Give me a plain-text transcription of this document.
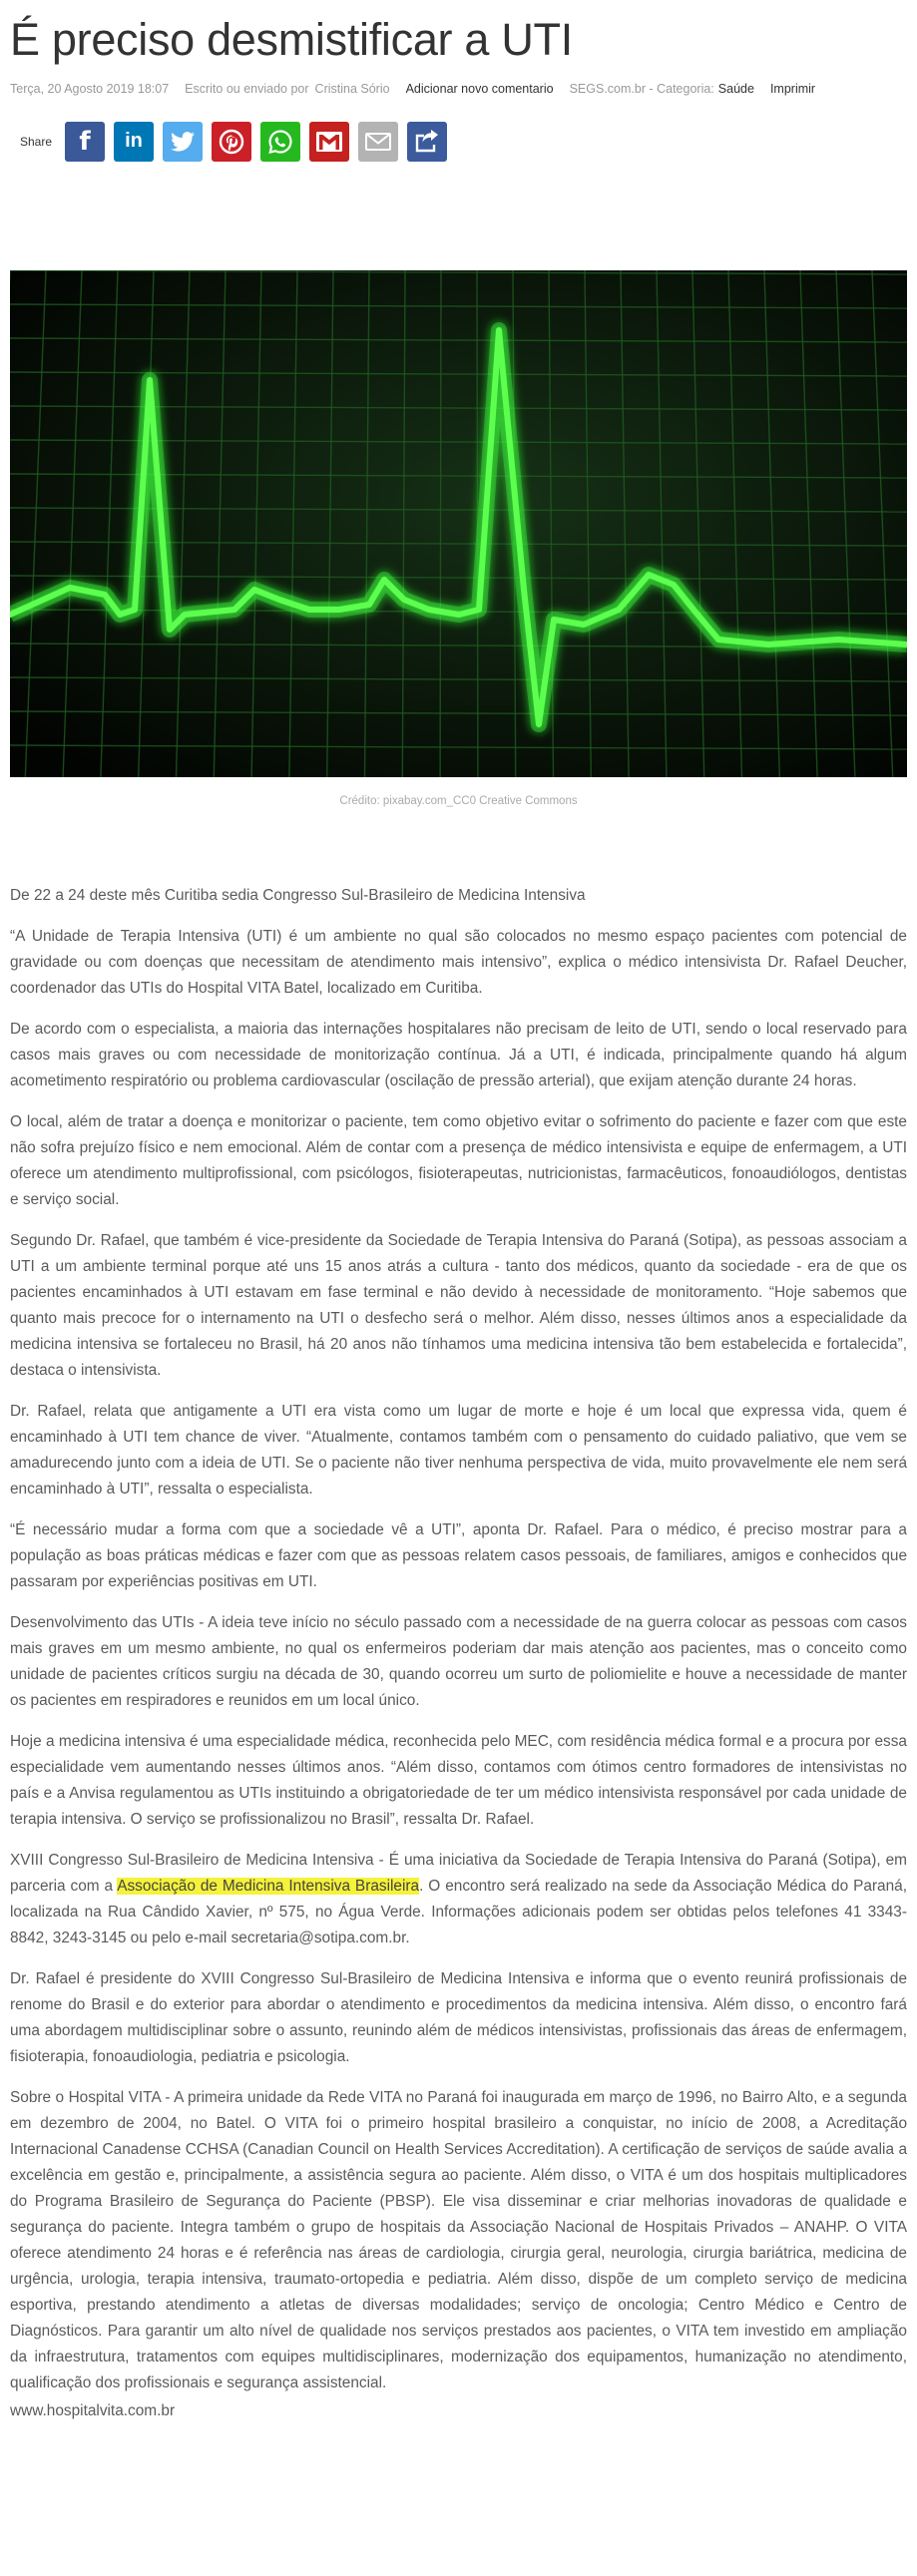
É preciso desmistificar a UTI
Terça, 20 Agosto 2019 18:07 Escrito ou enviado por Cristina Sório Adicionar novo comentario SEGS.com.br - Categoria: Saúde Imprimir
Share	f in
Crédito: pixabay.com_CC0 Creative Commons

De 22 a 24 deste mês Curitiba sedia Congresso Sul-Brasileiro de Medicina Intensiva

“A Unidade de Terapia Intensiva (UTI) é um ambiente no qual são colocados no mesmo espaço pacientes com potencial de gravidade ou com doenças que necessitam de atendimento mais intensivo”, explica o médico intensivista Dr. Rafael Deucher, coordenador das UTIs do Hospital VITA Batel, localizado em Curitiba.

De acordo com o especialista, a maioria das internações hospitalares não precisam de leito de UTI, sendo o local reservado para casos mais graves ou com necessidade de monitorização contínua. Já a UTI, é indicada, principalmente quando há algum acometimento respiratório ou problema cardiovascular (oscilação de pressão arterial), que exijam atenção durante 24 horas.

O local, além de tratar a doença e monitorizar o paciente, tem como objetivo evitar o sofrimento do paciente e fazer com que este não sofra prejuízo físico e nem emocional. Além de contar com a presença de médico intensivista e equipe de enfermagem, a UTI oferece um atendimento multiprofissional, com psicólogos, fisioterapeutas, nutricionistas, farmacêuticos, fonoaudiólogos, dentistas e serviço social.

Segundo Dr. Rafael, que também é vice-presidente da Sociedade de Terapia Intensiva do Paraná (Sotipa), as pessoas associam a UTI a um ambiente terminal porque até uns 15 anos atrás a cultura - tanto dos médicos, quanto da sociedade - era de que os pacientes encaminhados à UTI estavam em fase terminal e não devido à necessidade de monitoramento. “Hoje sabemos que quanto mais precoce for o internamento na UTI o desfecho será o melhor. Além disso, nesses últimos anos a especialidade da medicina intensiva se fortaleceu no Brasil, há 20 anos não tínhamos uma medicina intensiva tão bem estabelecida e fortalecida”, destaca o intensivista.

Dr. Rafael, relata que antigamente a UTI era vista como um lugar de morte e hoje é um local que expressa vida, quem é encaminhado à UTI tem chance de viver. “Atualmente, contamos também com o pensamento do cuidado paliativo, que vem se amadurecendo junto com a ideia de UTI. Se o paciente não tiver nenhuma perspectiva de vida, muito provavelmente ele nem será encaminhado à UTI”, ressalta o especialista.

“É necessário mudar a forma com que a sociedade vê a UTI”, aponta Dr. Rafael. Para o médico, é preciso mostrar para a população as boas práticas médicas e fazer com que as pessoas relatem casos pessoais, de familiares, amigos e conhecidos que passaram por experiências positivas em UTI.

Desenvolvimento das UTIs - A ideia teve início no século passado com a necessidade de na guerra colocar as pessoas com casos mais graves em um mesmo ambiente, no qual os enfermeiros poderiam dar mais atenção aos pacientes, mas o conceito como unidade de pacientes críticos surgiu na década de 30, quando ocorreu um surto de poliomielite e houve a necessidade de manter os pacientes em respiradores e reunidos em um local único.

Hoje a medicina intensiva é uma especialidade médica, reconhecida pelo MEC, com residência médica formal e a procura por essa especialidade vem aumentando nesses últimos anos. “Além disso, contamos com ótimos centro formadores de intensivistas no país e a Anvisa regulamentou as UTIs instituindo a obrigatoriedade de ter um médico intensivista responsável por cada unidade de terapia intensiva. O serviço se profissionalizou no Brasil”, ressalta Dr. Rafael.

XVIII Congresso Sul-Brasileiro de Medicina Intensiva - É uma iniciativa da Sociedade de Terapia Intensiva do Paraná (Sotipa), em parceria com a Associação de Medicina Intensiva Brasileira. O encontro será realizado na sede da Associação Médica do Paraná, localizada na Rua Cândido Xavier, nº 575, no Água Verde. Informações adicionais podem ser obtidas pelos telefones 41 3343-8842, 3243-3145 ou pelo e-mail secretaria@sotipa.com.br.

Dr. Rafael é presidente do XVIII Congresso Sul-Brasileiro de Medicina Intensiva e informa que o evento reunirá profissionais de renome do Brasil e do exterior para abordar o atendimento e procedimentos da medicina intensiva. Além disso, o encontro fará uma abordagem multidisciplinar sobre o assunto, reunindo além de médicos intensivistas, profissionais das áreas de enfermagem, fisioterapia, fonoaudiologia, pediatria e psicologia.

Sobre o Hospital VITA - A primeira unidade da Rede VITA no Paraná foi inaugurada em março de 1996, no Bairro Alto, e a segunda em dezembro de 2004, no Batel. O VITA foi o primeiro hospital brasileiro a conquistar, no início de 2008, a Acreditação Internacional Canadense CCHSA (Canadian Council on Health Services Accreditation). A certificação de serviços de saúde avalia a excelência em gestão e, principalmente, a assistência segura ao paciente. Além disso, o VITA é um dos hospitais multiplicadores do Programa Brasileiro de Segurança do Paciente (PBSP). Ele visa disseminar e criar melhorias inovadoras de qualidade e segurança do paciente. Integra também o grupo de hospitais da Associação Nacional de Hospitais Privados – ANAHP. O VITA oferece atendimento 24 horas e é referência nas áreas de cardiologia, cirurgia geral, neurologia, cirurgia bariátrica, medicina de urgência, urologia, terapia intensiva, traumato-ortopedia e pediatria. Além disso, dispõe de um completo serviço de medicina esportiva, prestando atendimento a atletas de diversas modalidades; serviço de oncologia; Centro Médico e Centro de Diagnósticos. Para garantir um alto nível de qualidade nos serviços prestados aos pacientes, o VITA tem investido em ampliação da infraestrutura, tratamentos com equipes multidisciplinares, modernização dos equipamentos, humanização no atendimento, qualificação dos profissionais e segurança assistencial.

www.hospitalvita.com.br
